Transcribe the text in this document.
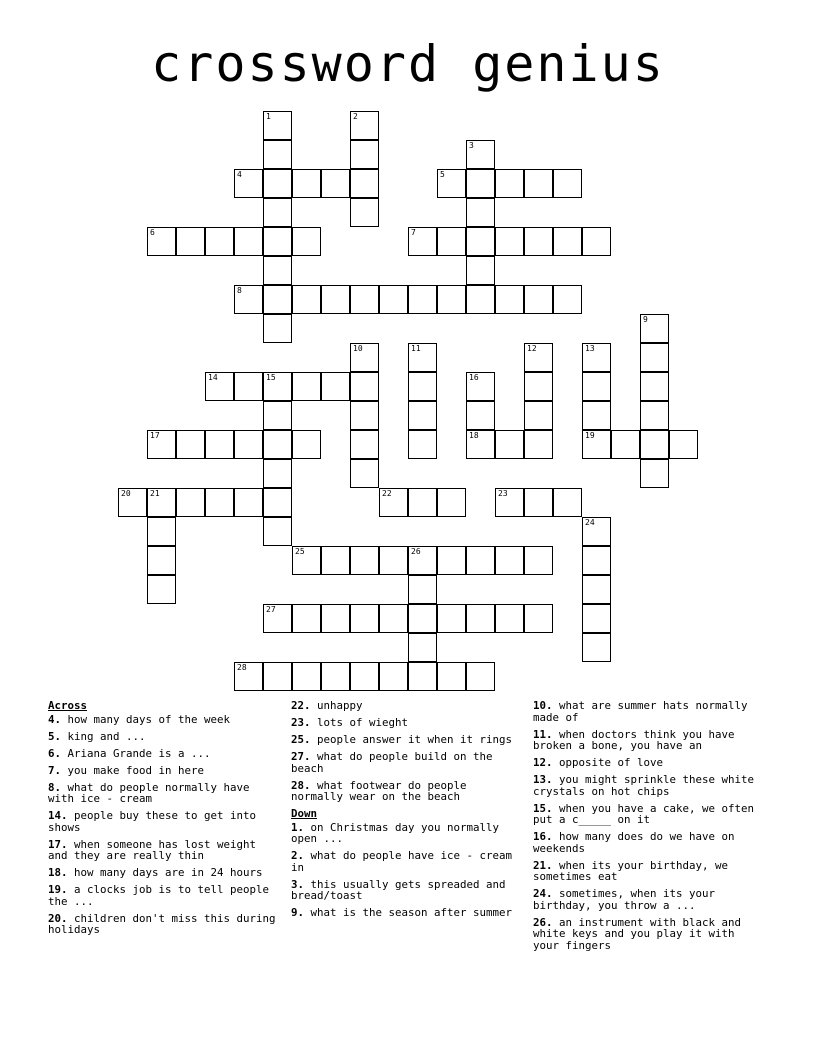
crossword genius
1
4
2
3
5
6	7
8
9
10	11	12	13
14	15	16
17	18	19
20 21	22	23
24
25	26
27
28
Across
4. how many days of the week
5. king and ...
6. Ariana Grande is a ...
7. you make food in here
8. what do people normally have with ice - cream
14. people buy these to get into shows
17. when someone has lost weight and they are really thin
18. how many days are in 24 hours
19. a clocks job is to tell people the ...
20. children don't miss this during holidays
22. unhappy
23. lots of wieght
25. people answer it when it rings
27. what do people build on the beach
28. what footwear do people normally wear on the beach
Down
1. on Christmas day you normally open ...
2. what do people have ice - cream in
3. this usually gets spreaded and bread/toast
9. what is the season after summer
10. what are summer hats normally made of
11. when doctors think you have broken a bone, you have an
12. opposite of love
13. you might sprinkle these white crystals on hot chips
15. when you have a cake, we often put a c_____ on it
16. how many does do we have on weekends
21. when its your birthday, we sometimes eat
24. sometimes, when its your birthday, you throw a ...
26. an instrument with black and white keys and you play it with your fingers
